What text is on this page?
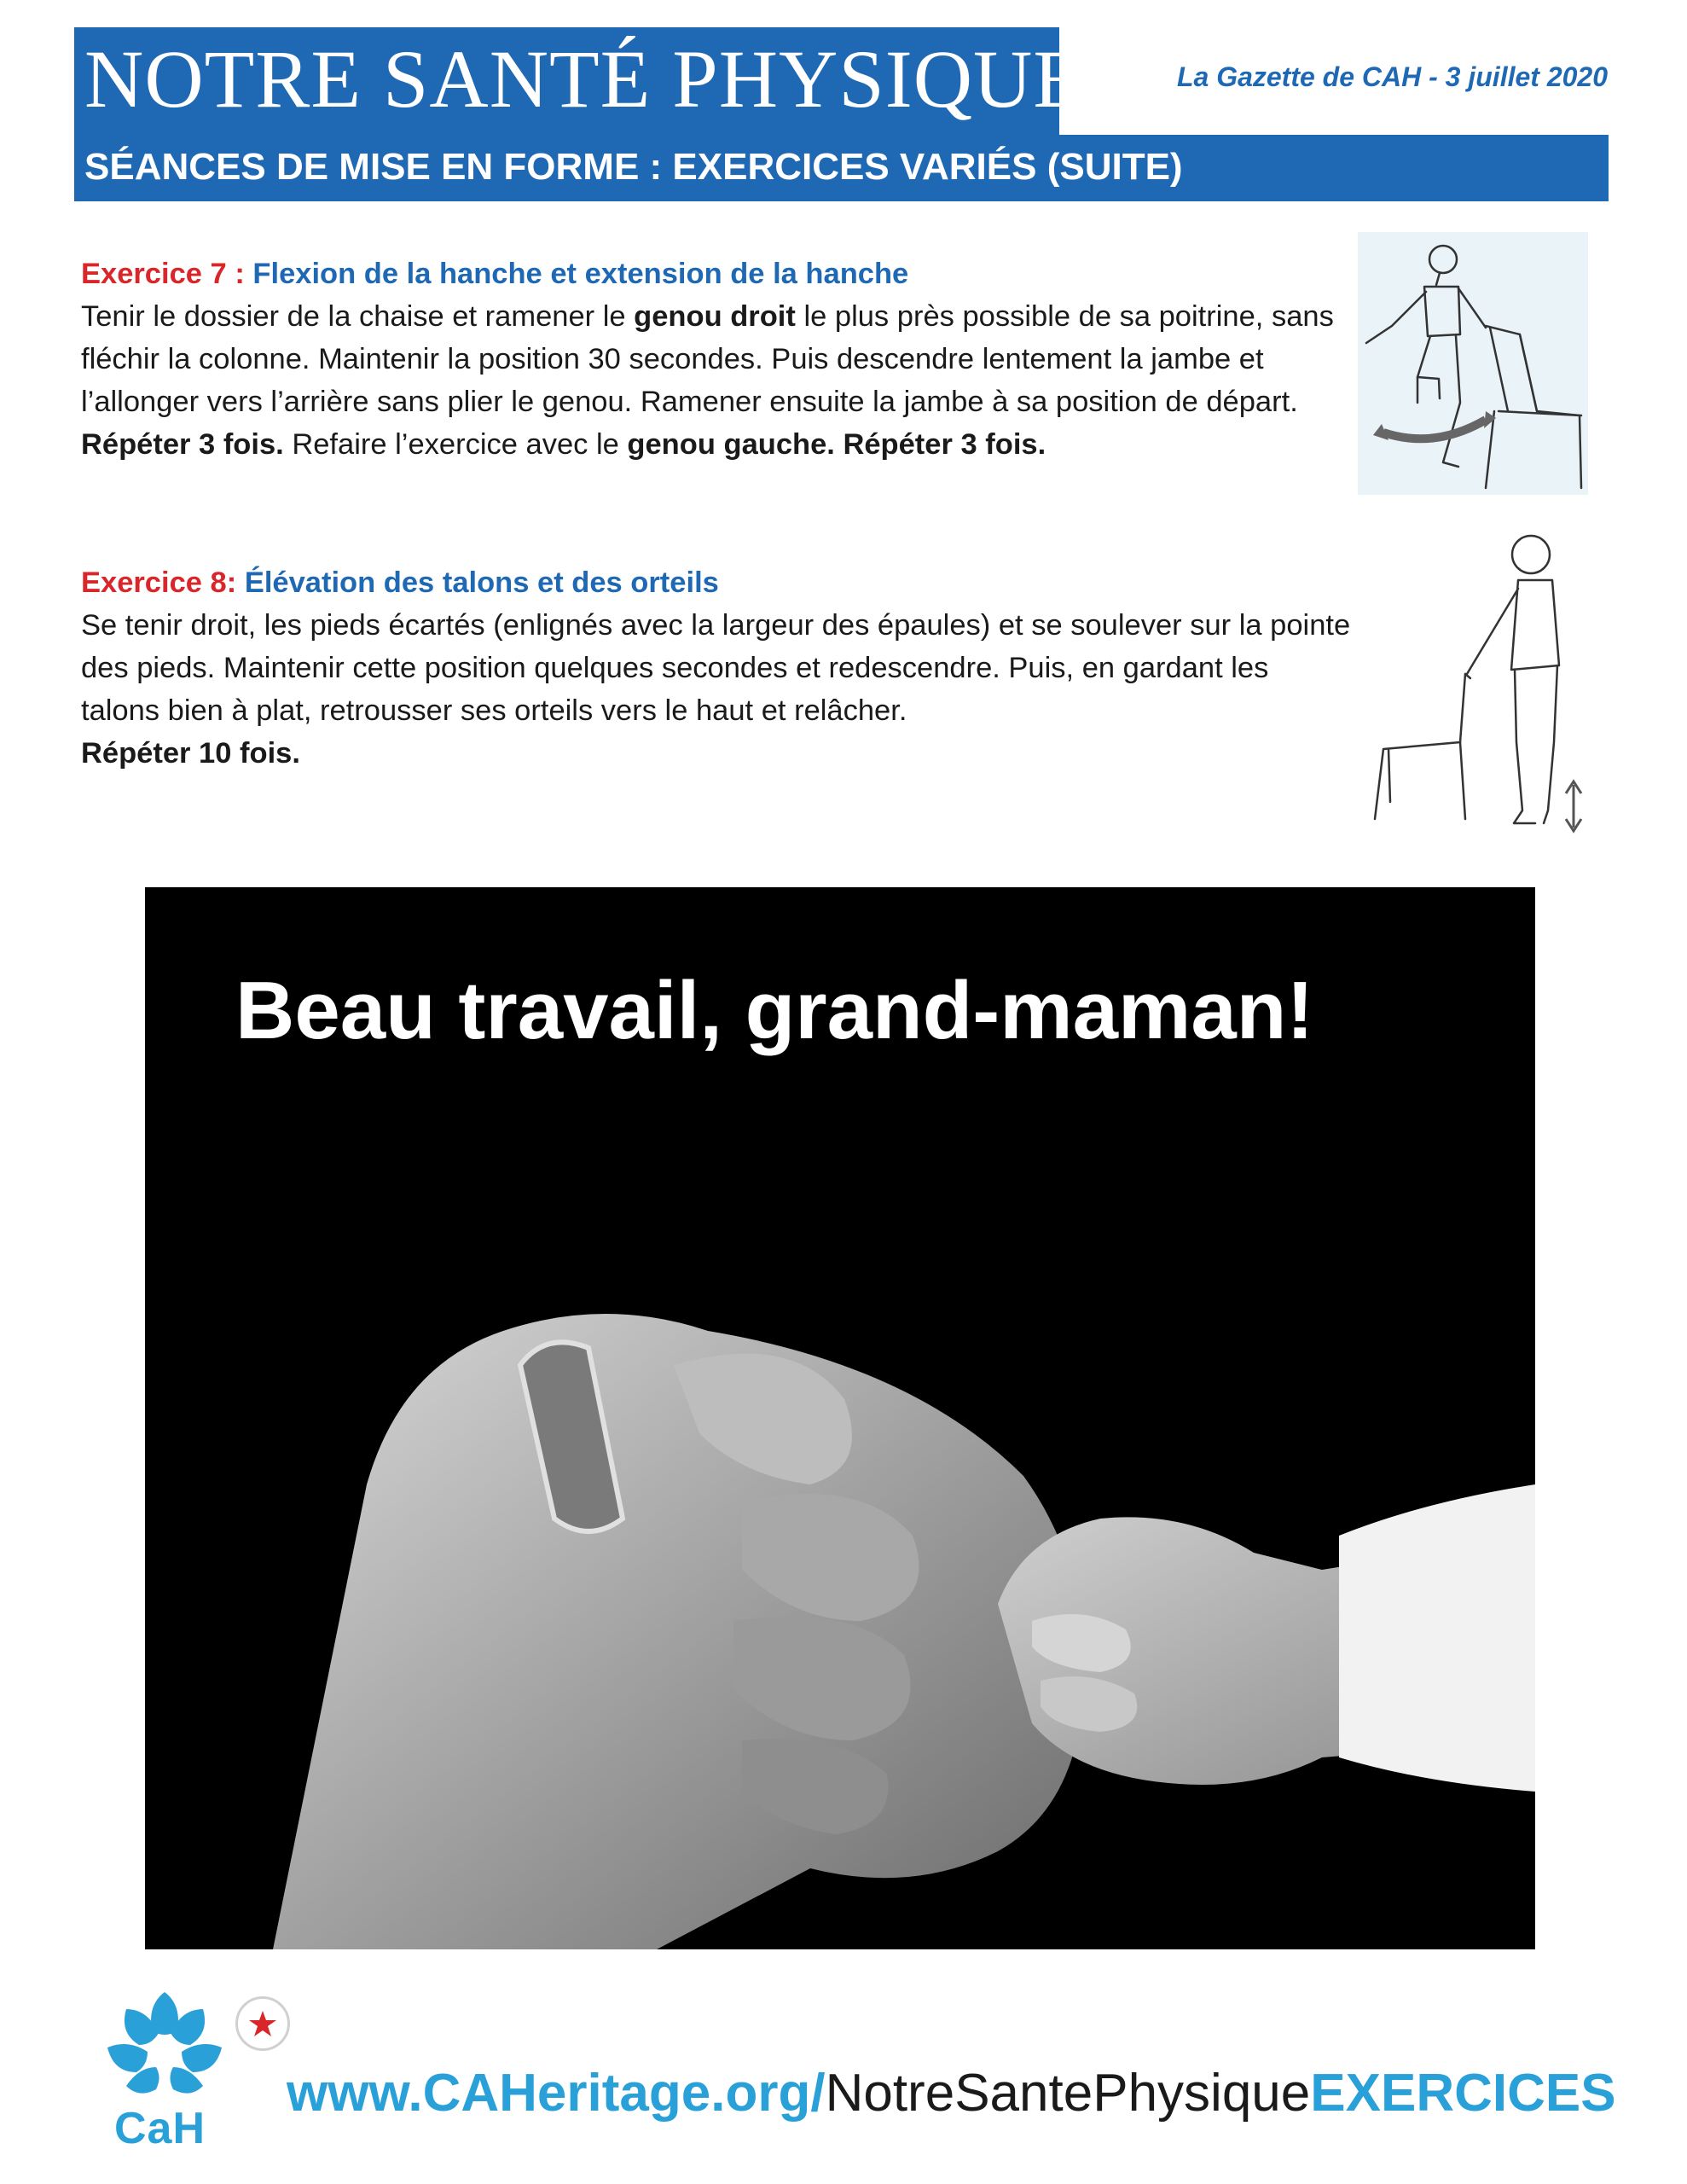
NOTRE SANTÉ PHYSIQUE	La Gazette de CAH - 3 juillet 2020
SÉANCES DE MISE EN FORME : EXERCICES VARIÉS (SUITE)
Exercice 7 : Flexion de la hanche et extension de la hanche

Tenir le dossier de la chaise et ramener le genou droit le plus près possible de sa poitrine, sans

fléchir la colonne. Maintenir la position 30 secondes. Puis descendre lentement la jambe et

l’allonger vers l’arrière sans plier le genou. Ramener ensuite la jambe à sa position de départ.

Répéter 3 fois. Refaire l’exercice avec le genou gauche. Répéter 3 fois.

Exercice 8: Élévation des talons et des orteils

Se tenir droit, les pieds écartés (enlignés avec la largeur des épaules) et se soulever sur la pointe

des pieds. Maintenir cette position quelques secondes et redescendre. Puis, en gardant les

talons bien à plat, retrousser ses orteils vers le haut et relâcher.

Répéter 10 fois.

Beau travail, grand-maman!
CaH
www.CAHeritage.org/NotreSantePhysiqueEXERCICES
